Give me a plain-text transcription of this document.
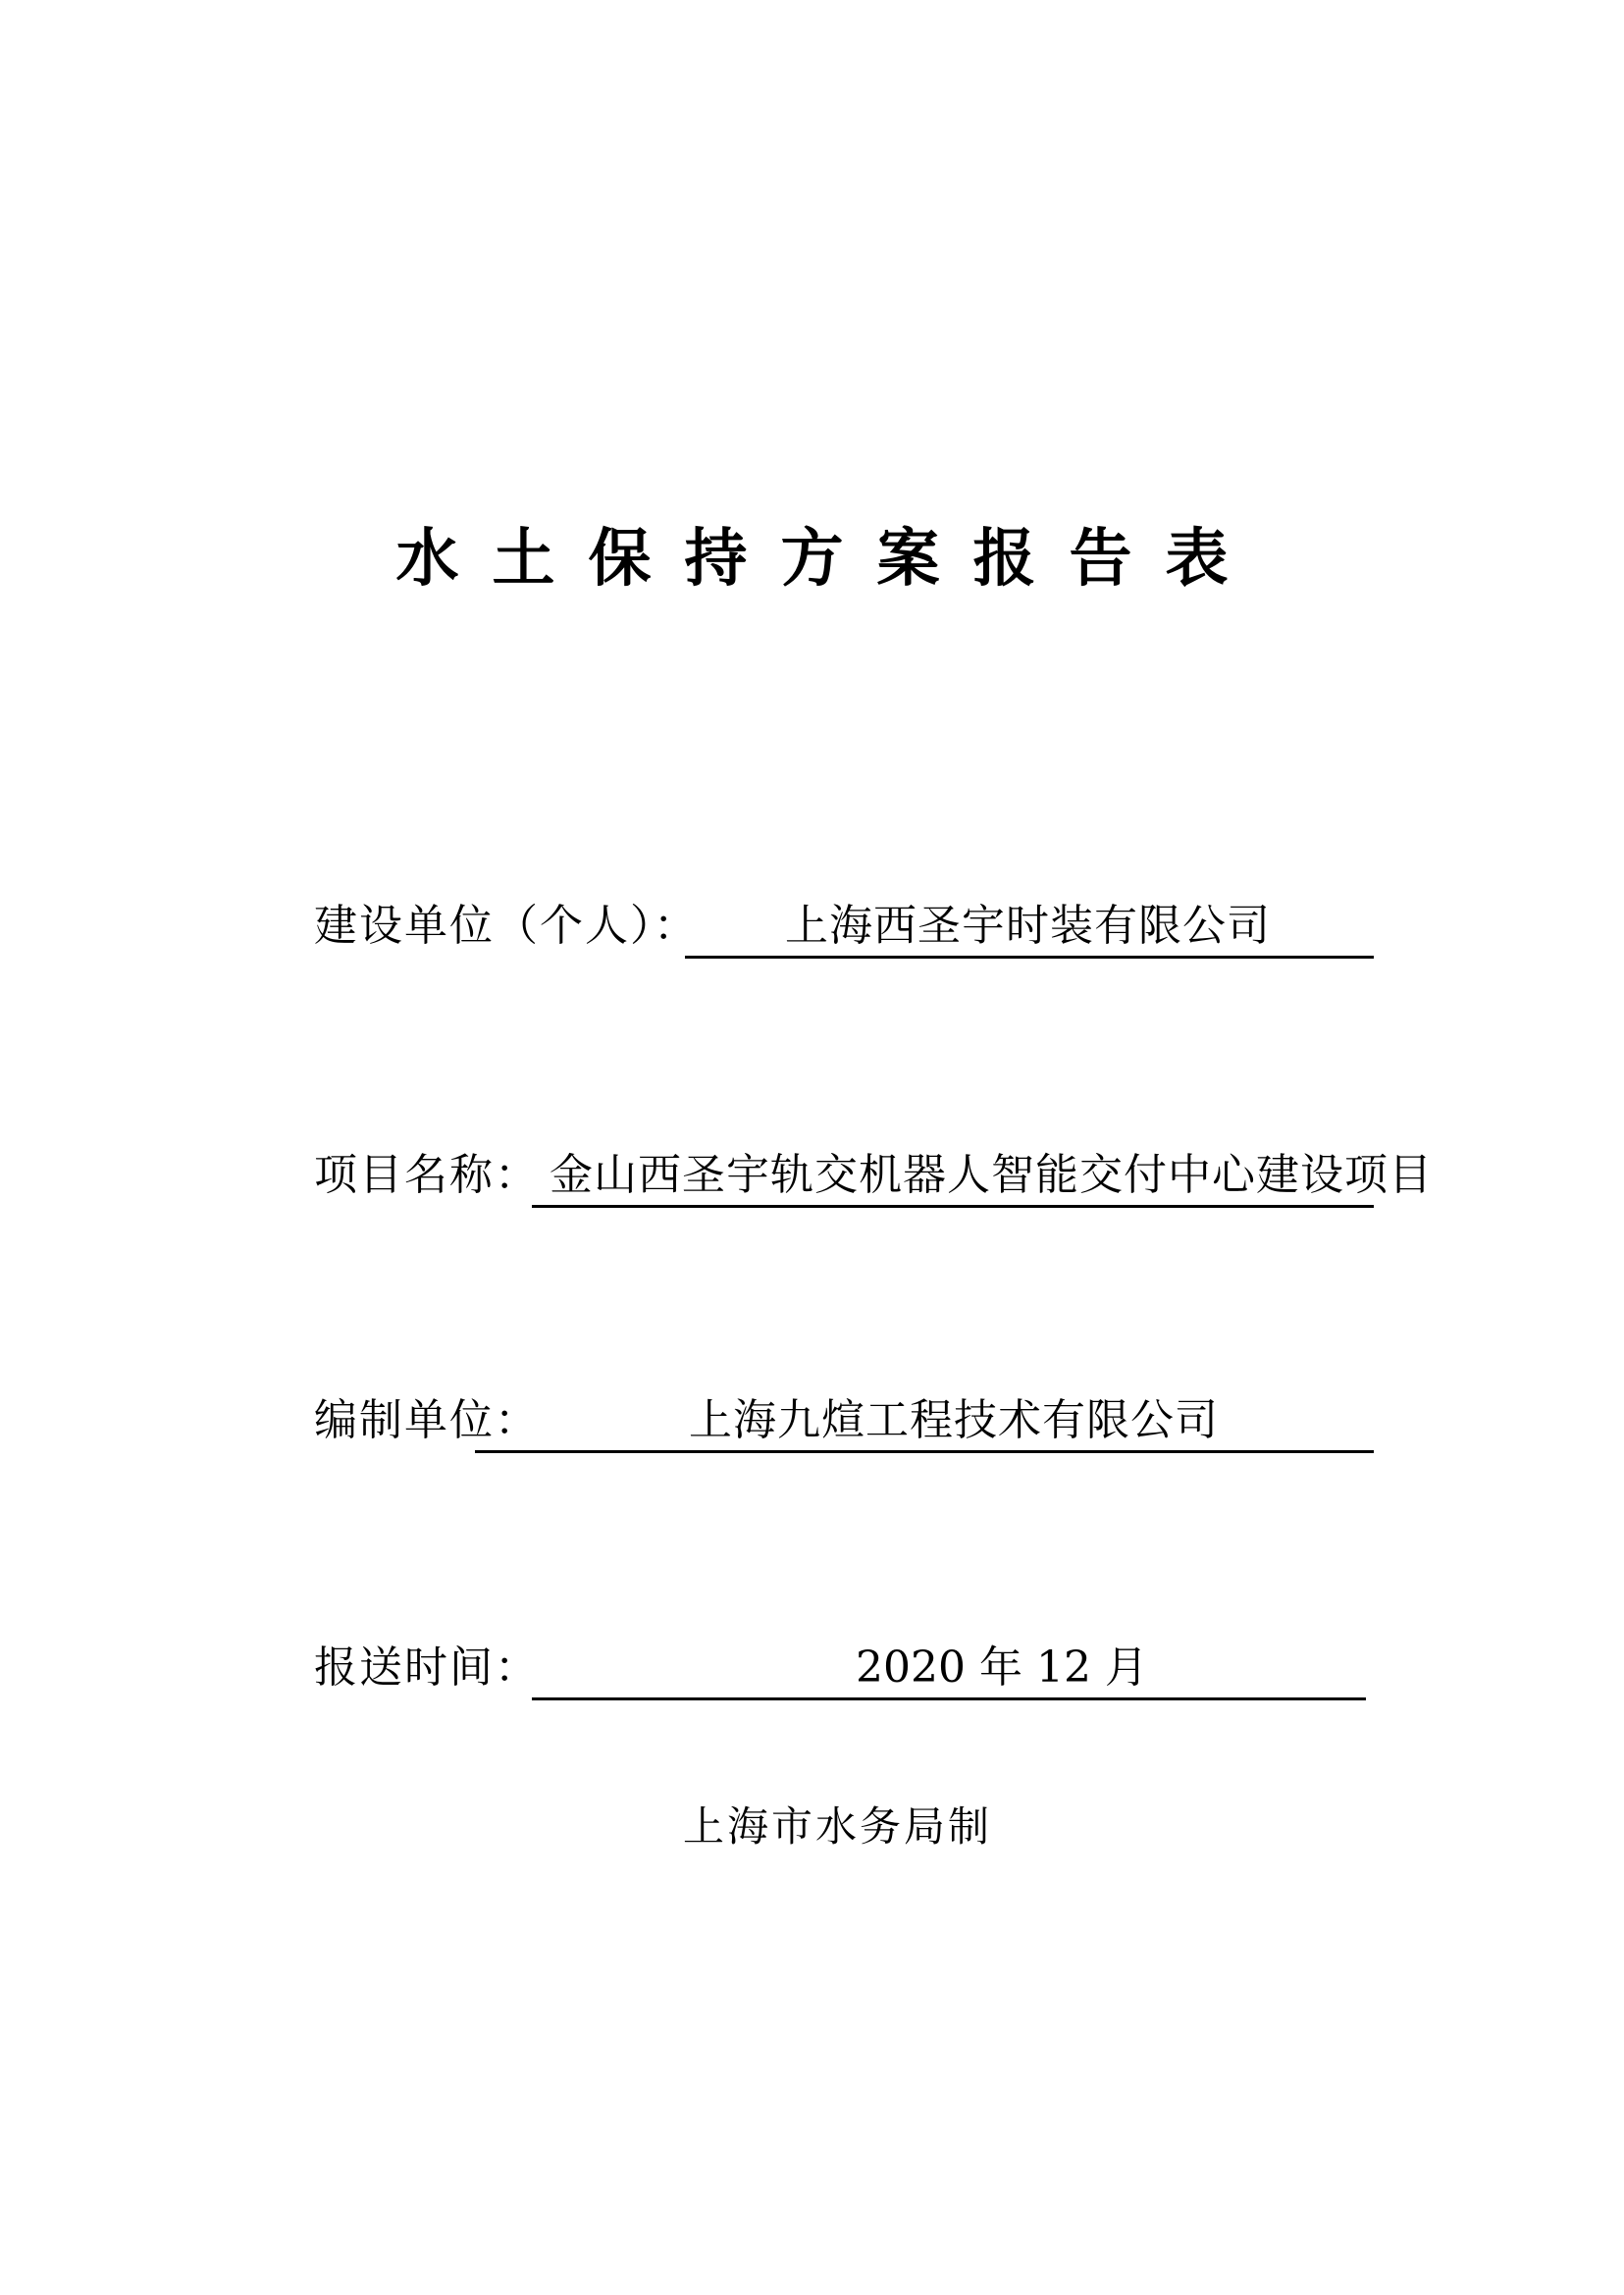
水土保持方案报告表
建设单位（个人）： 上海西圣宇时装有限公司
项目名称： 金山西圣宇轨交机器人智能交付中心建设项目
编制单位：	上海九煊工程技术有限公司
报送时间：	2020 年 12 月
上海市水务局制
